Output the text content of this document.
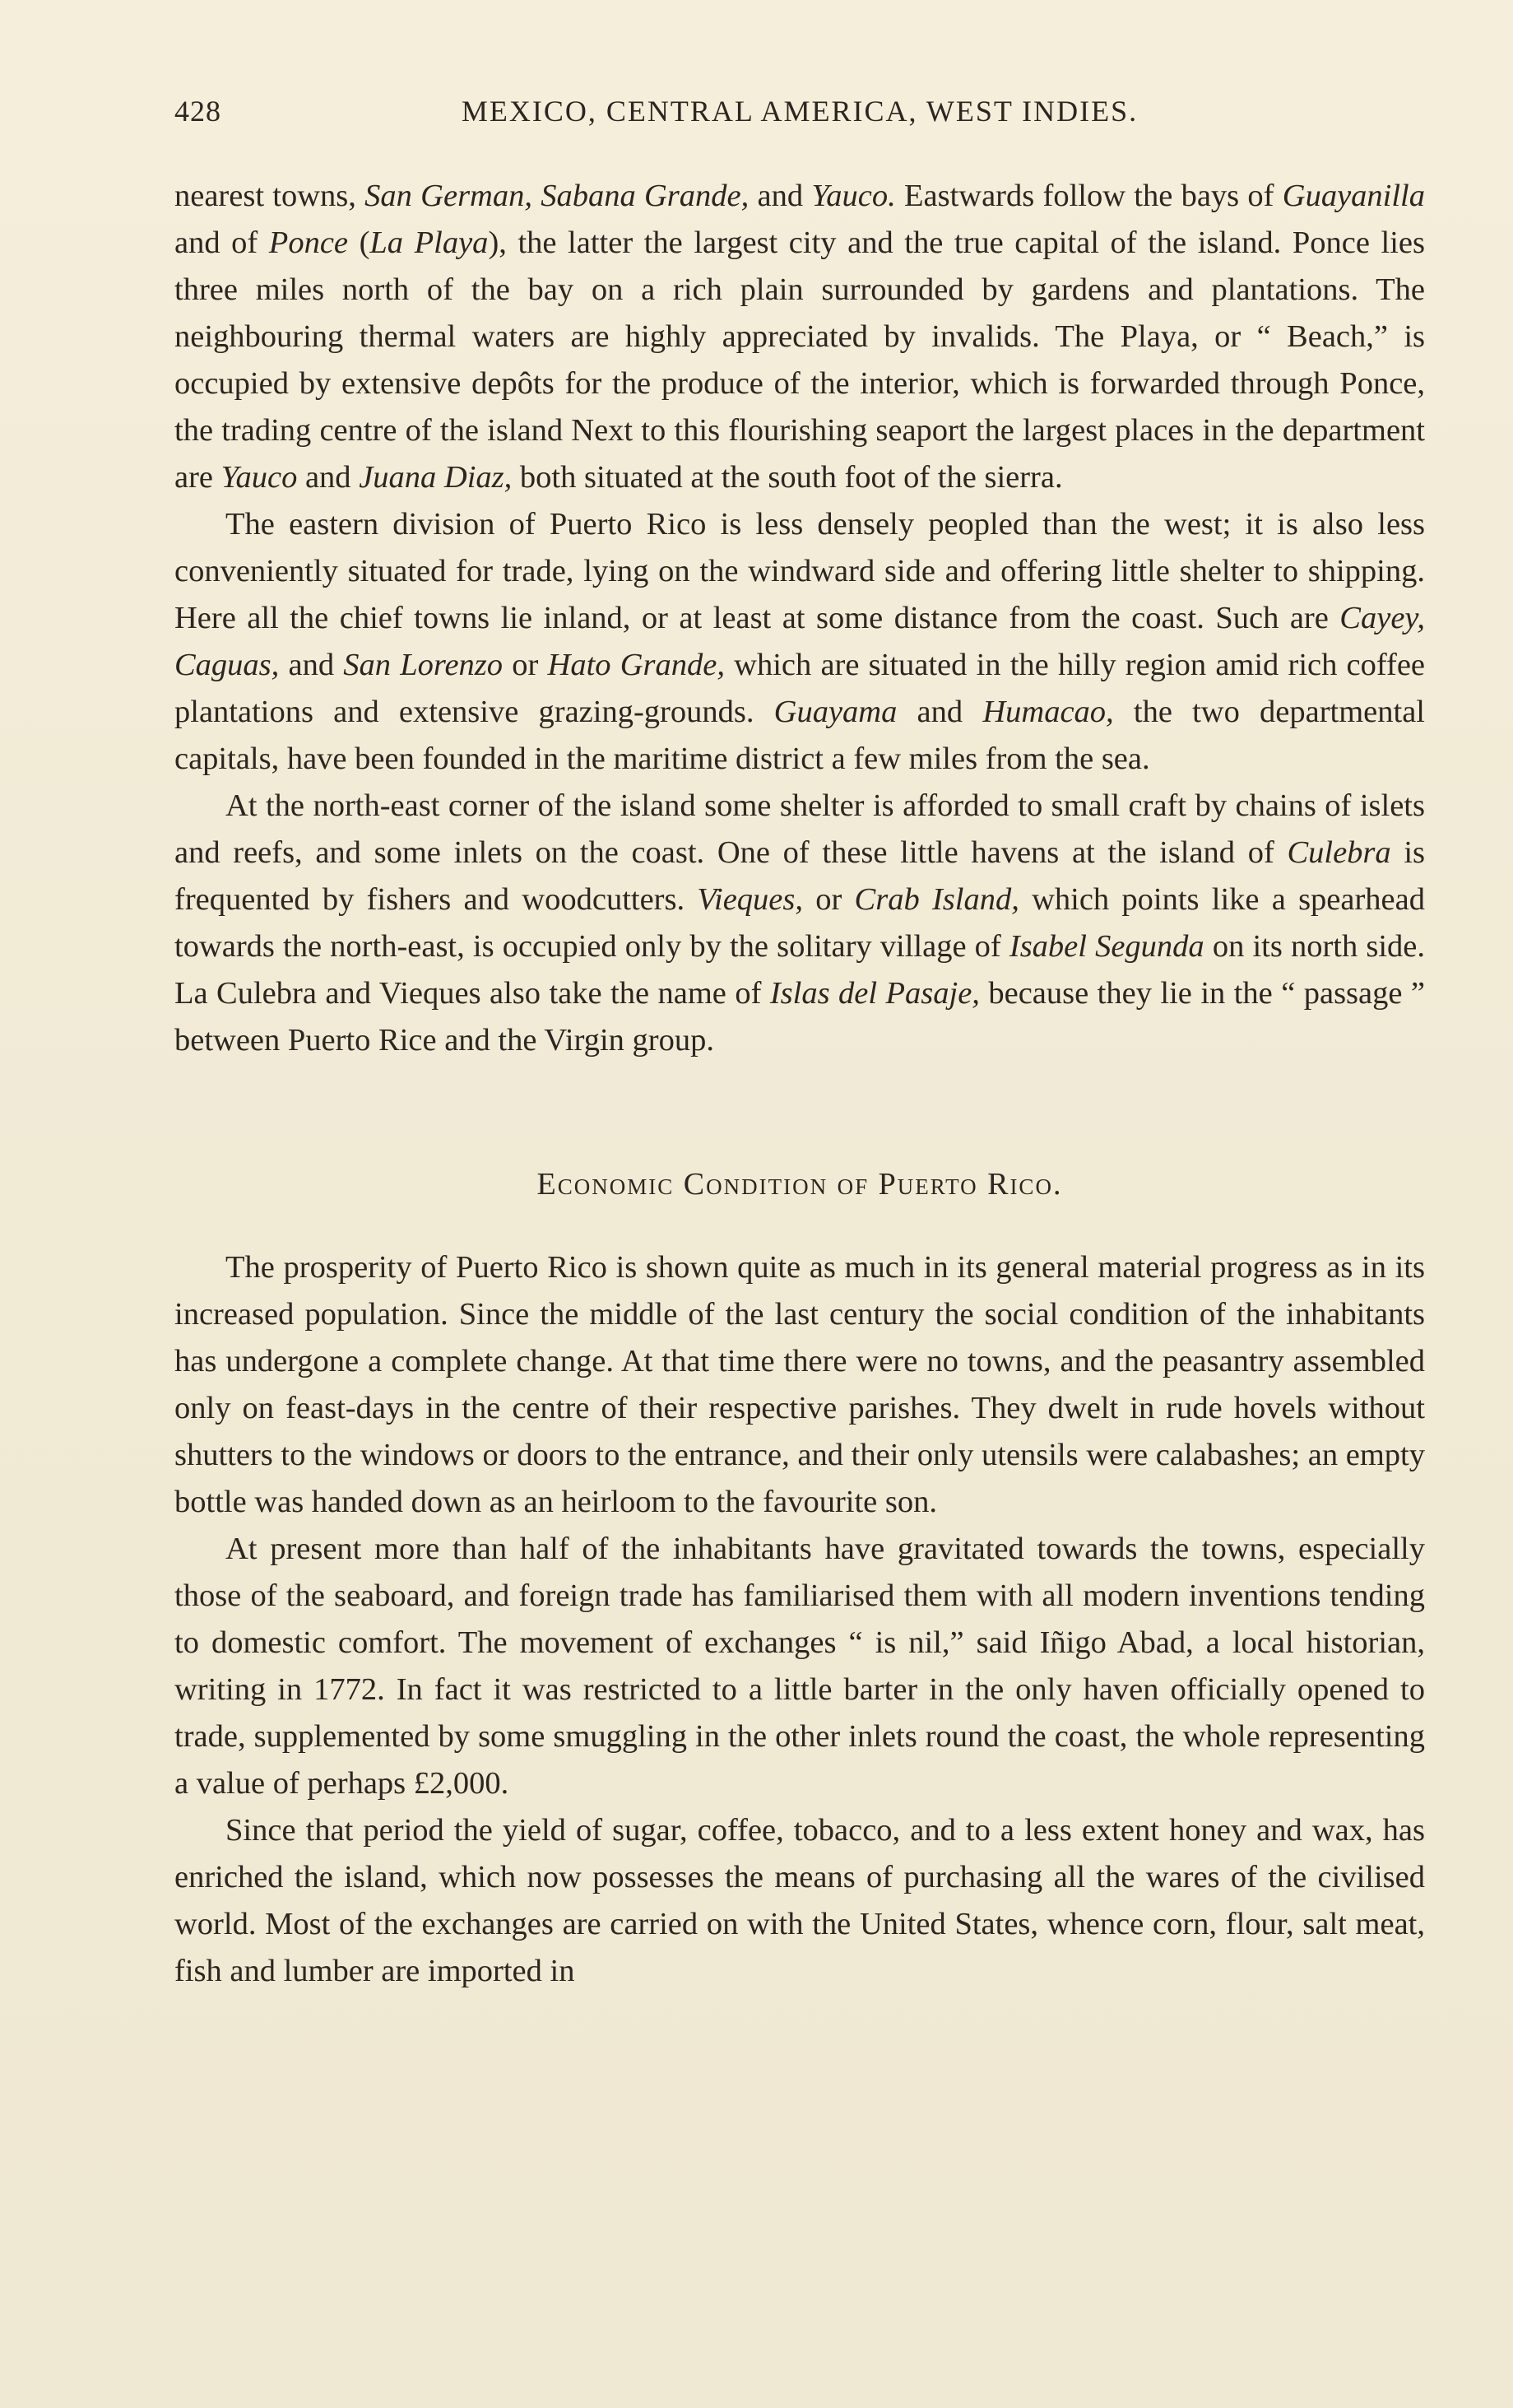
428	MEXICO, CENTRAL AMERICA, WEST INDIES.

nearest towns, San German, Sabana Grande, and Yauco. Eastwards follow the bays of Guayanilla and of Ponce (La Playa), the latter the largest city and the true capital of the island. Ponce lies three miles north of the bay on a rich plain surrounded by gardens and plantations. The neighbouring thermal waters are highly appreciated by invalids. The Playa, or “ Beach,” is occupied by extensive depôts for the produce of the interior, which is forwarded through Ponce, the trading centre of the island Next to this flourishing seaport the largest places in the department are Yauco and Juana Diaz, both situated at the south foot of the sierra.

The eastern division of Puerto Rico is less densely peopled than the west; it is also less conveniently situated for trade, lying on the windward side and offering little shelter to shipping. Here all the chief towns lie inland, or at least at some distance from the coast. Such are Cayey, Caguas, and San Lorenzo or Hato Grande, which are situated in the hilly region amid rich coffee plantations and extensive grazing-grounds. Guayama and Humacao, the two departmental capitals, have been founded in the maritime district a few miles from the sea.

At the north-east corner of the island some shelter is afforded to small craft by chains of islets and reefs, and some inlets on the coast. One of these little havens at the island of Culebra is frequented by fishers and woodcutters. Vieques, or Crab Island, which points like a spearhead towards the north-east, is occupied only by the solitary village of Isabel Segunda on its north side. La Culebra and Vieques also take the name of Islas del Pasaje, because they lie in the “ passage ” between Puerto Rice and the Virgin group.

Economic Condition of Puerto Rico.

The prosperity of Puerto Rico is shown quite as much in its general material progress as in its increased population. Since the middle of the last century the social condition of the inhabitants has undergone a complete change. At that time there were no towns, and the peasantry assembled only on feast-days in the centre of their respective parishes. They dwelt in rude hovels without shutters to the windows or doors to the entrance, and their only utensils were calabashes; an empty bottle was handed down as an heirloom to the favourite son.

At present more than half of the inhabitants have gravitated towards the towns, especially those of the seaboard, and foreign trade has familiarised them with all modern inventions tending to domestic comfort. The movement of exchanges “ is nil,” said Iñigo Abad, a local historian, writing in 1772. In fact it was restricted to a little barter in the only haven officially opened to trade, supplemented by some smuggling in the other inlets round the coast, the whole representing a value of perhaps £2,000.

Since that period the yield of sugar, coffee, tobacco, and to a less extent honey and wax, has enriched the island, which now possesses the means of purchasing all the wares of the civilised world. Most of the exchanges are carried on with the United States, whence corn, flour, salt meat, fish and lumber are imported in
